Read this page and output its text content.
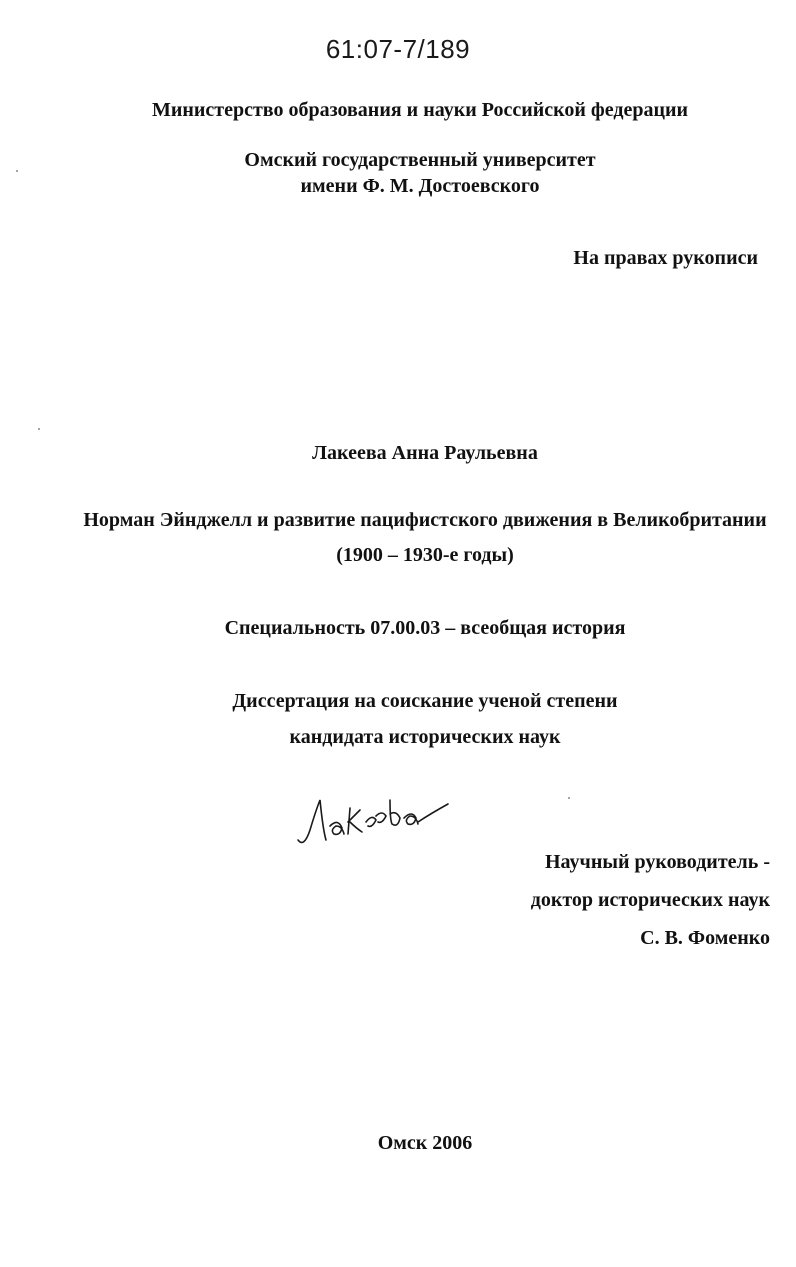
61:07-7/189
Министерство образования и науки Российской федерации
Омский государственный университет
имени Ф. М. Достоевского
На правах рукописи
Лакеева Анна Раульевна
Норман Эйнджелл и развитие пацифистского движения в Великобритании
(1900 – 1930-е годы)
Специальность 07.00.03 – всеобщая история
Диссертация на соискание ученой степени
кандидата исторических наук
Научный руководитель -
доктор исторических наук
С. В. Фоменко
Омск 2006
